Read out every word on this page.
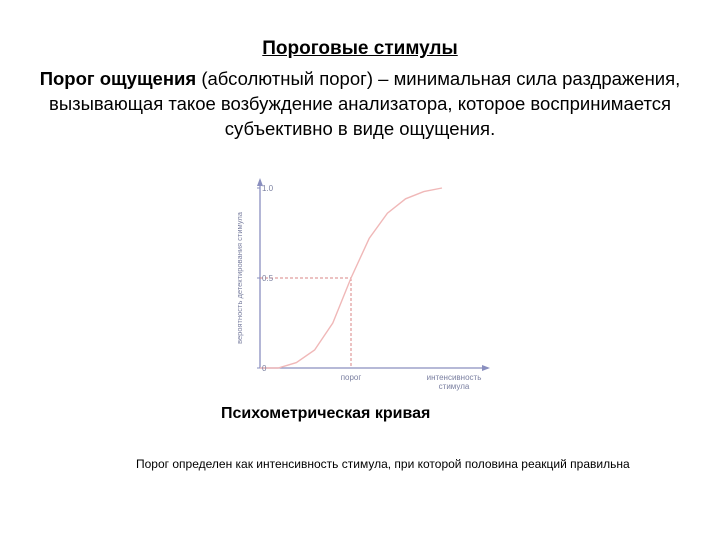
Пороговые стимулы
Порог ощущения (абсолютный порог) – минимальная сила раздражения, вызывающая такое возбуждение анализатора, которое воспринимается субъективно в виде ощущения.
0
0.5
1.0
порог	интенсивность стимула
вероятность детектирования стимула
Психометрическая кривая
Порог определен как интенсивность стимула, при которой половина реакций правильна
